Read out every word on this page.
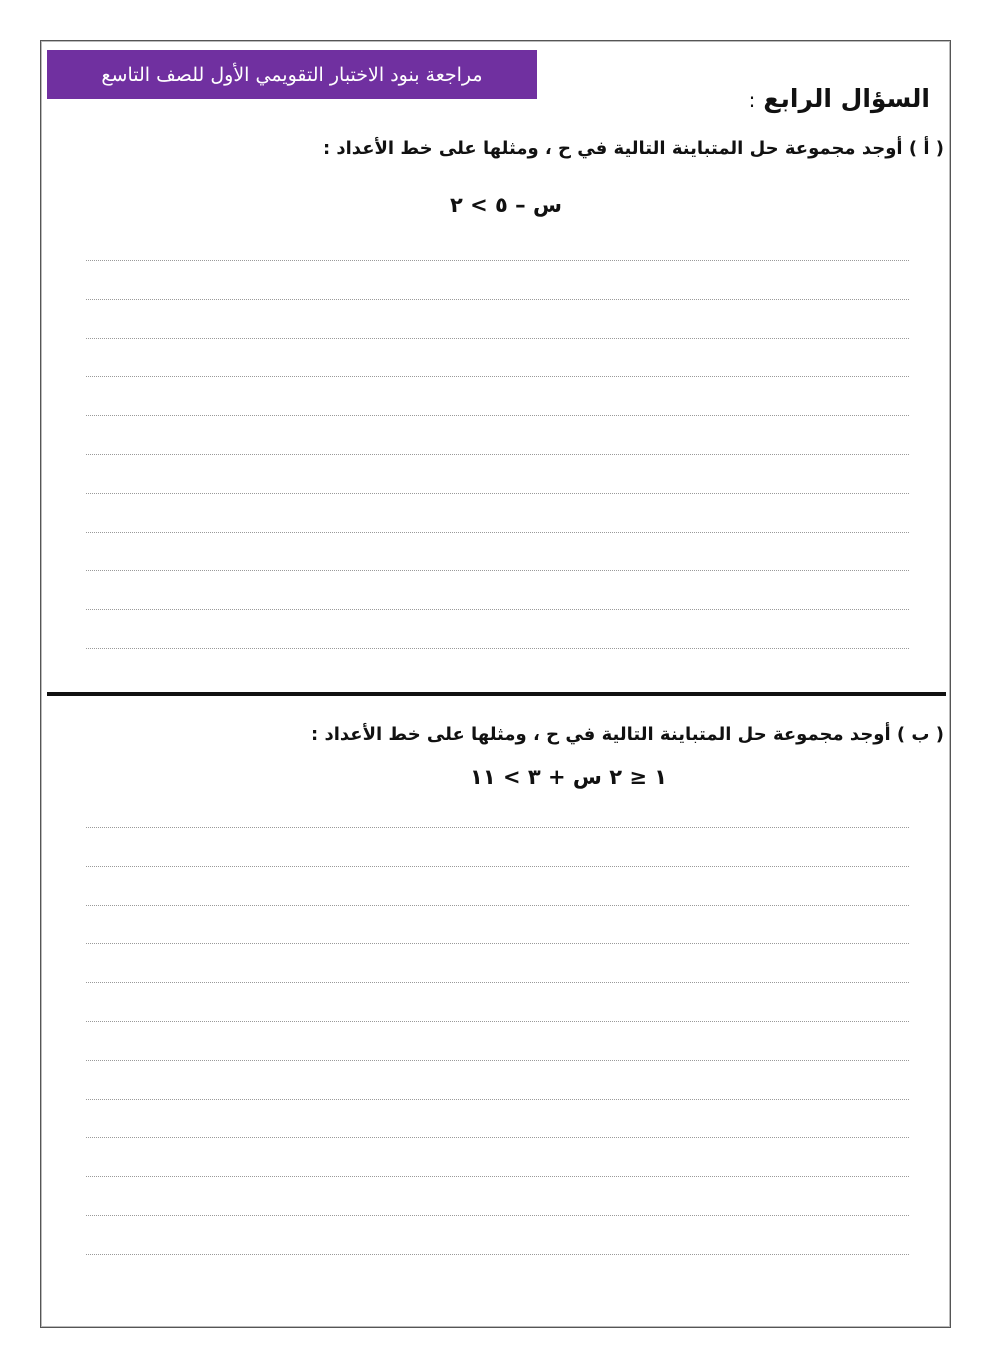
مراجعة بنود الاختبار التقويمي الأول للصف التاسع
السؤال الرابع:
( أ ) أوجد مجموعة حل المتباينة التالية في ح ، ومثلها على خط الأعداد :
س – ٥ > ٢
( ب ) أوجد مجموعة حل المتباينة التالية في ح ، ومثلها على خط الأعداد :
١ ≤ ٢ س + ٣ > ١١
